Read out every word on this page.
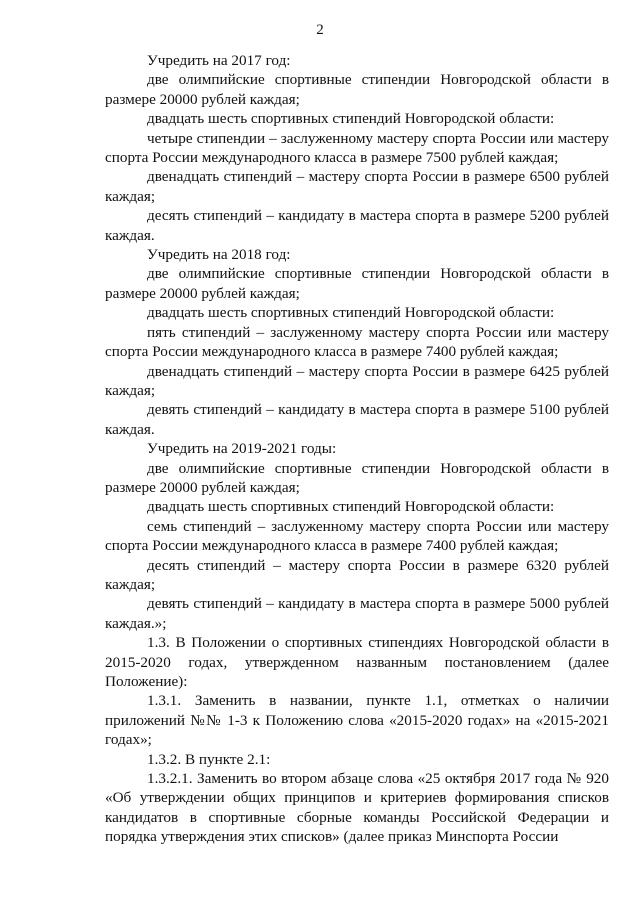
2

Учредить на 2017 год:

две олимпийские спортивные стипендии Новгородской области в размере 20000 рублей каждая;

двадцать шесть спортивных стипендий Новгородской области:

четыре стипендии – заслуженному мастеру спорта России или мастеру спорта России международного класса в размере 7500 рублей каждая;

двенадцать стипендий – мастеру спорта России в размере 6500 рублей каждая;

десять стипендий – кандидату в мастера спорта в размере 5200 рублей каждая.

Учредить на 2018 год:

две олимпийские спортивные стипендии Новгородской области в размере 20000 рублей каждая;

двадцать шесть спортивных стипендий Новгородской области:

пять стипендий – заслуженному мастеру спорта России или мастеру спорта России международного класса в размере 7400 рублей каждая;

двенадцать стипендий – мастеру спорта России в размере 6425 рублей каждая;

девять стипендий – кандидату в мастера спорта в размере 5100 рублей каждая.

Учредить на 2019-2021 годы:

две олимпийские спортивные стипендии Новгородской области в размере 20000 рублей каждая;

двадцать шесть спортивных стипендий Новгородской области:

семь стипендий – заслуженному мастеру спорта России или мастеру спорта России международного класса в размере 7400 рублей каждая;

десять стипендий – мастеру спорта России в размере 6320 рублей каждая;

девять стипендий – кандидату в мастера спорта в размере 5000 рублей каждая.»;

1.3. В Положении о спортивных стипендиях Новгородской области в 2015-2020 годах, утвержденном названным постановлением (далее Положение):

1.3.1. Заменить в названии, пункте 1.1, отметках о наличии приложений №№ 1-3 к Положению слова «2015-2020 годах» на «2015-2021 годах»;

1.3.2. В пункте 2.1:

1.3.2.1. Заменить во втором абзаце слова «25 октября 2017 года № 920 «Об утверждении общих принципов и критериев формирования списков кандидатов в спортивные сборные команды Российской Федерации и порядка утверждения этих списков» (далее приказ Минспорта России
